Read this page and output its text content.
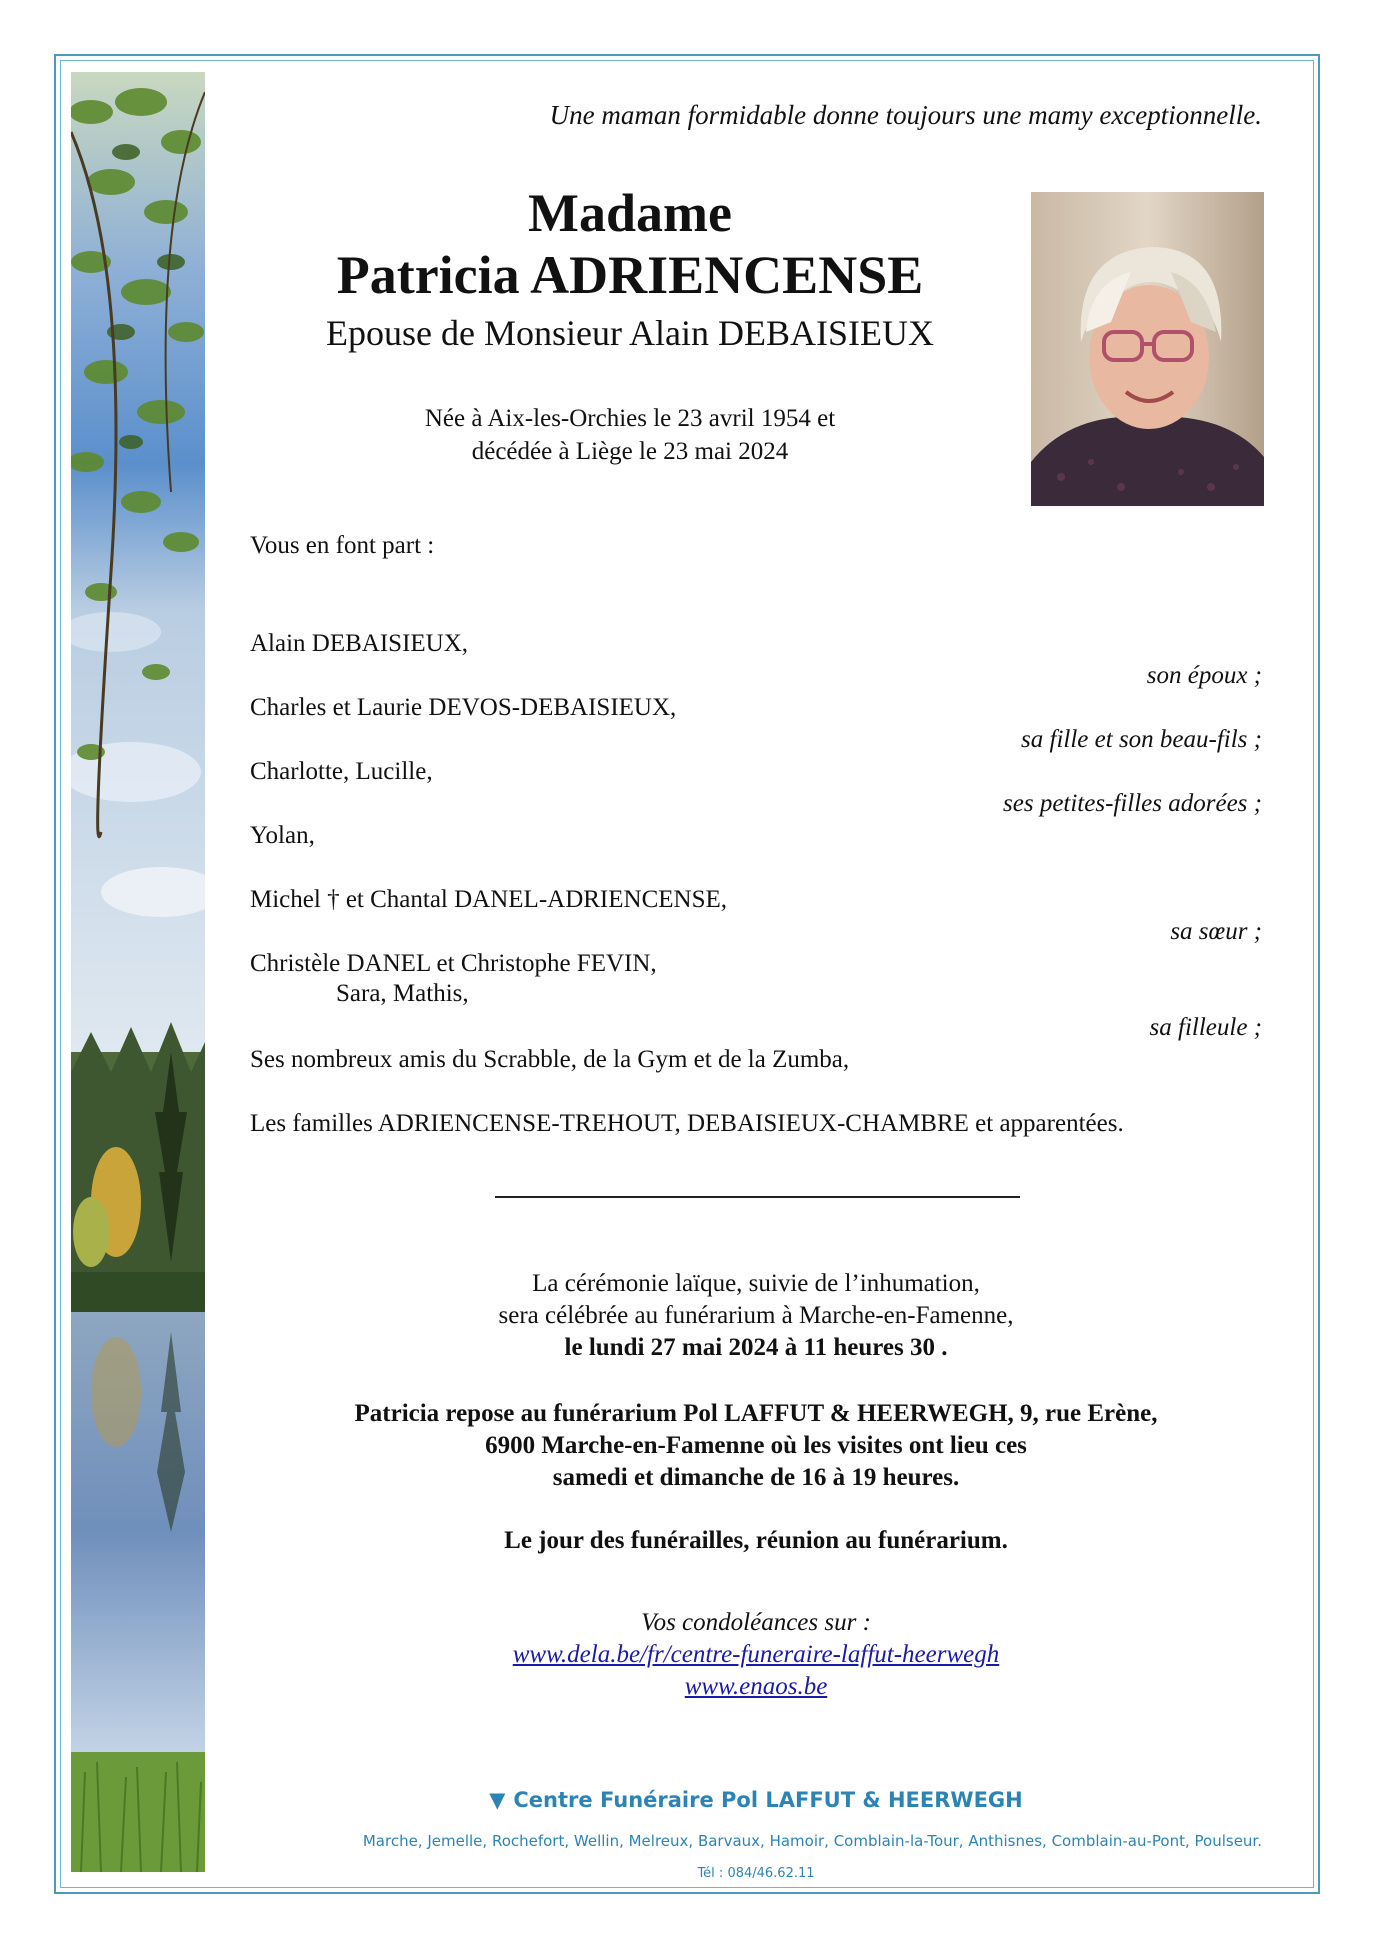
Une maman formidable donne toujours une mamy exceptionnelle.
Madame
Patricia ADRIENCENSE
Epouse de Monsieur Alain DEBAISIEUX
Née à Aix-les-Orchies le 23 avril 1954 et
décédée à Liège le 23 mai 2024
Vous en font part :
Alain DEBAISIEUX,
son époux ;
Charles et Laurie DEVOS-DEBAISIEUX,
sa fille et son beau-fils ;
Charlotte, Lucille,
ses petites-filles adorées ;
Yolan,
Michel † et Chantal DANEL-ADRIENCENSE,
sa sœur ;
Christèle DANEL et Christophe FEVIN,
Sara, Mathis,
sa filleule ;
Ses nombreux amis du Scrabble, de la Gym et de la Zumba,
Les familles ADRIENCENSE-TREHOUT, DEBAISIEUX-CHAMBRE et apparentées.
La cérémonie laïque, suivie de l’inhumation,
sera célébrée au funérarium à Marche-en-Famenne,
le lundi 27 mai 2024 à 11 heures 30 .
Patricia repose au funérarium Pol LAFFUT & HEERWEGH, 9, rue Erène,
6900 Marche-en-Famenne où les visites ont lieu ces
samedi et dimanche de 16 à 19 heures.
Le jour des funérailles, réunion au funérarium.
Vos condoléances sur :
www.dela.be/fr/centre-funeraire-laffut-heerwegh
www.enaos.be
▼ Centre Funéraire Pol LAFFUT & HEERWEGH
Marche, Jemelle, Rochefort, Wellin, Melreux, Barvaux, Hamoir, Comblain-la-Tour, Anthisnes, Comblain-au-Pont, Poulseur.
Tél : 084/46.62.11
